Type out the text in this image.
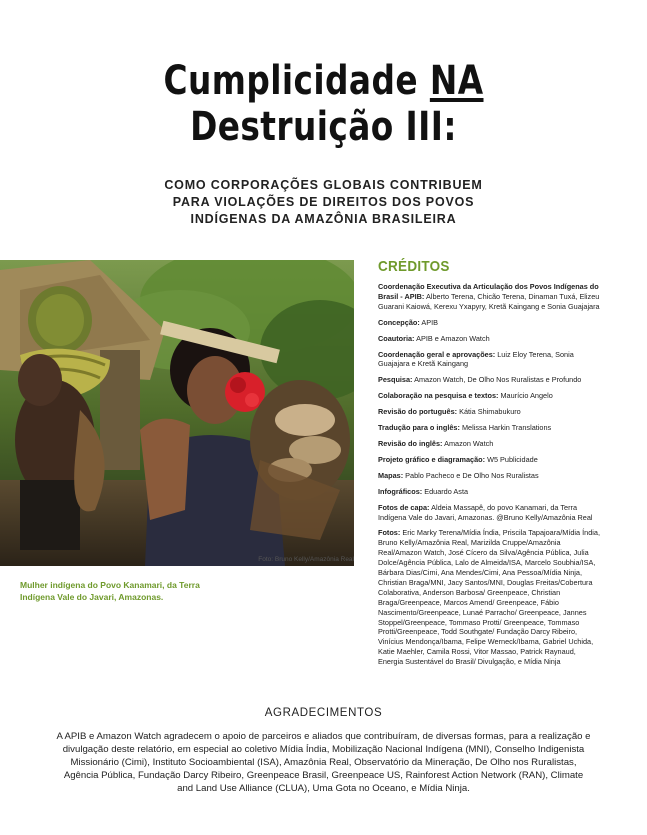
Cumplicidade NA
Destruição III:
COMO CORPORAÇÕES GLOBAIS CONTRIBUEM
PARA VIOLAÇÕES DE DIREITOS DOS POVOS
INDÍGENAS DA AMAZÔNIA BRASILEIRA
Foto: Bruno Kelly/Amazônia Real
Mulher indígena do Povo Kanamari, da Terra Indígena Vale do Javari, Amazonas.
CRÉDITOS
Coordenação Executiva da Articulação dos Povos Indígenas do Brasil - APIB: Alberto Terena, Chicão Terena, Dinaman Tuxá, Elizeu Guarani Kaiowá, Kerexu Yxapyry, Kretã Kaingang e Sonia Guajajara
Concepção: APIB
Coautoria: APIB e Amazon Watch
Coordenação geral e aprovações: Luiz Eloy Terena, Sonia Guajajara e Kretã Kaingang
Pesquisa: Amazon Watch, De Olho Nos Ruralistas e Profundo
Colaboração na pesquisa e textos: Maurício Angelo
Revisão do português: Kátia Shimabukuro
Tradução para o inglês: Melissa Harkin Translations
Revisão do inglês: Amazon Watch
Projeto gráfico e diagramação: W5 Publicidade
Mapas: Pablo Pacheco e De Olho Nos Ruralistas
Infográficos: Eduardo Asta
Fotos de capa: Aldeia Massapê, do povo Kanamari, da Terra Indígena Vale do Javari, Amazonas. @Bruno Kelly/Amazônia Real
Fotos: Eric Marky Terena/Mídia Índia, Priscila Tapajoara/Mídia Índia, Bruno Kelly/Amazônia Real, Marizilda Cruppe/Amazônia Real/Amazon Watch, José Cícero da Silva/Agência Pública, Julia Dolce/Agência Pública, Lalo de Almeida/ISA, Marcelo Soubhia/ISA, Bárbara Dias/Cimi, Ana Mendes/Cimi, Ana Pessoa/Mídia Ninja, Christian Braga/MNI, Jacy Santos/MNI, Douglas Freitas/Cobertura Colaborativa, Anderson Barbosa/ Greenpeace, Christian Braga/Greenpeace, Marcos Amend/ Greenpeace, Fábio Nascimento/Greenpeace, Lunaé Parracho/ Greenpeace, Jannes Stoppel/Greenpeace, Tommaso Protti/ Greenpeace, Tommaso Protti/Greenpeace, Todd Southgate/ Fundação Darcy Ribeiro, Vinícius Mendonça/Ibama, Felipe Werneck/Ibama, Gabriel Uchida, Katie Maehler, Camila Rossi, Vitor Massao, Patrick Raynaud, Energia Sustentável do Brasil/ Divulgação, e Mídia Ninja
AGRADECIMENTOS
A APIB e Amazon Watch agradecem o apoio de parceiros e aliados que contribuíram, de diversas formas, para a realização e divulgação deste relatório, em especial ao coletivo Mídia Índia, Mobilização Nacional Indígena (MNI), Conselho Indigenista Missionário (Cimi), Instituto Socioambiental (ISA), Amazônia Real, Observatório da Mineração, De Olho nos Ruralistas, Agência Pública, Fundação Darcy Ribeiro, Greenpeace Brasil, Greenpeace US, Rainforest Action Network (RAN), Climate and Land Use Alliance (CLUA), Uma Gota no Oceano, e Mídia Ninja.
